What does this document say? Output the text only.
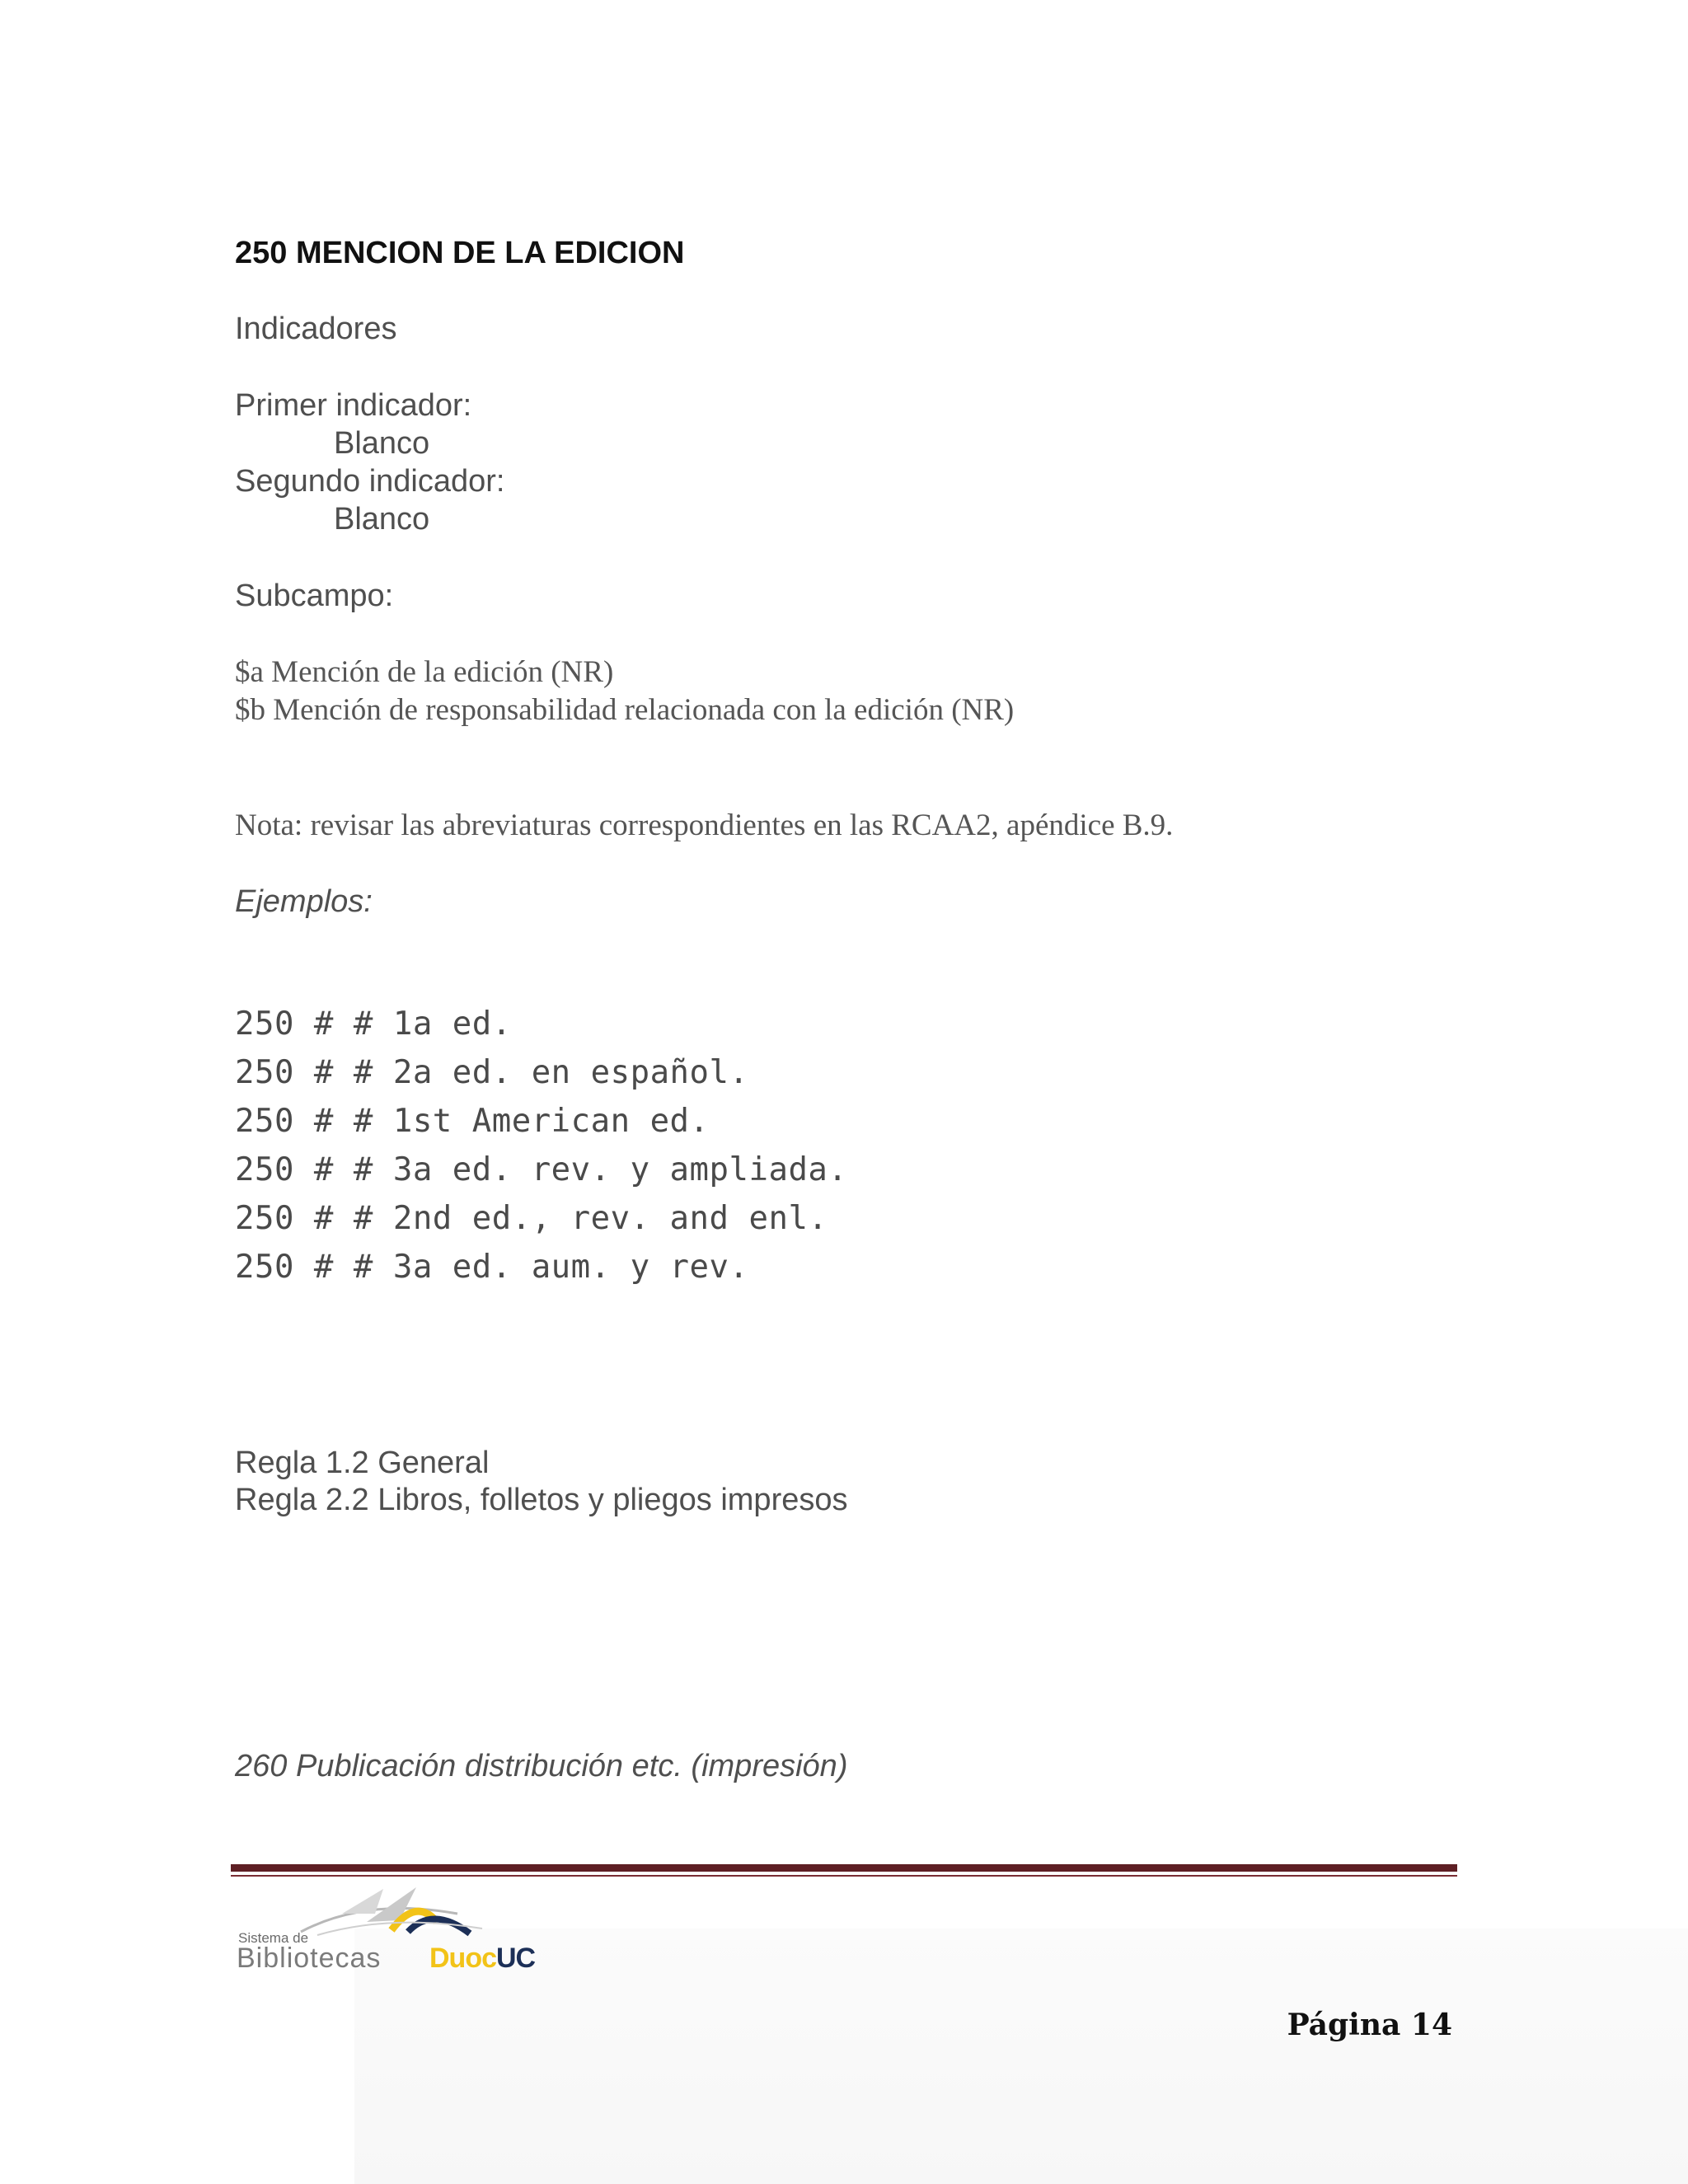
250 MENCION DE LA EDICION

Indicadores

Primer indicador:

Blanco

Segundo indicador:

Blanco

Subcampo:

$a Mención de la edición (NR)

$b Mención de responsabilidad relacionada con la edición (NR)

Nota: revisar las abreviaturas correspondientes en las RCAA2, apéndice B.9.

Ejemplos:

250 # # 1a ed.

250 # # 2a ed. en español.

250 # # 1st American ed.

250 # # 3a ed. rev. y ampliada.

250 # # 2nd ed., rev. and enl.

250 # # 3a ed. aum. y rev.

Regla 1.2 General

Regla 2.2 Libros, folletos y pliegos impresos

260 Publicación distribución etc. (impresión)

Sistema de
Bibliotecas DuocUC

Página 14
